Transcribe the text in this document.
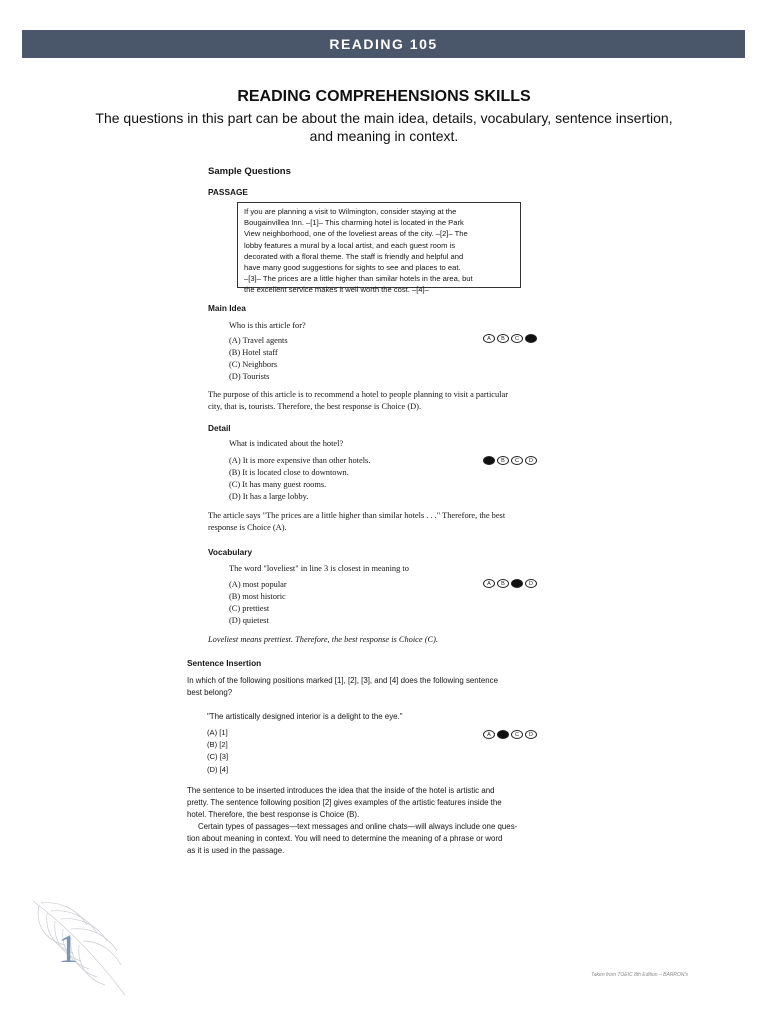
READING 105
READING COMPREHENSIONS SKILLS
The questions in this part can be about the main idea, details, vocabulary, sentence insertion, and meaning in context.
Sample Questions
PASSAGE
If you are planning a visit to Wilmington, consider staying at the
Bougainvillea Inn. –[1]– This charming hotel is located in the Park
View neighborhood, one of the loveliest areas of the city. –[2]– The
lobby features a mural by a local artist, and each guest room is
decorated with a floral theme. The staff is friendly and helpful and
have many good suggestions for sights to see and places to eat.
–[3]– The prices are a little higher than similar hotels in the area, but
the excellent service makes it well worth the cost. –[4]–
Main Idea
Who is this article for?
(A) Travel agents
(B) Hotel staff
(C) Neighbors
(D) Tourists
A	B	C	D
The purpose of this article is to recommend a hotel to people planning to visit a particular
city, that is, tourists. Therefore, the best response is Choice (D).
Detail
What is indicated about the hotel?
(A) It is more expensive than other hotels.
(B) It is located close to downtown.
(C) It has many guest rooms.
(D) It has a large lobby.
A	B	C	D
The article says "The prices are a little higher than similar hotels . . ." Therefore, the best
response is Choice (A).
Vocabulary
The word "loveliest" in line 3 is closest in meaning to
(A) most popular
(B) most historic
(C) prettiest
(D) quietest
A	B	C	D
Loveliest means prettiest. Therefore, the best response is Choice (C).
Sentence Insertion
In which of the following positions marked [1], [2], [3], and [4] does the following sentence
best belong?
"The artistically designed interior is a delight to the eye."
(A) [1]
(B) [2]
(C) [3]
(D) [4]
A	B	C	D
The sentence to be inserted introduces the idea that the inside of the hotel is artistic and
pretty. The sentence following position [2] gives examples of the artistic features inside the
hotel. Therefore, the best response is Choice (B).
Certain types of passages—text messages and online chats—will always include one ques-
tion about meaning in context. You will need to determine the meaning of a phrase or word
as it is used in the passage.
1
Taken from TOEIC 8th Edition – BARRON's
